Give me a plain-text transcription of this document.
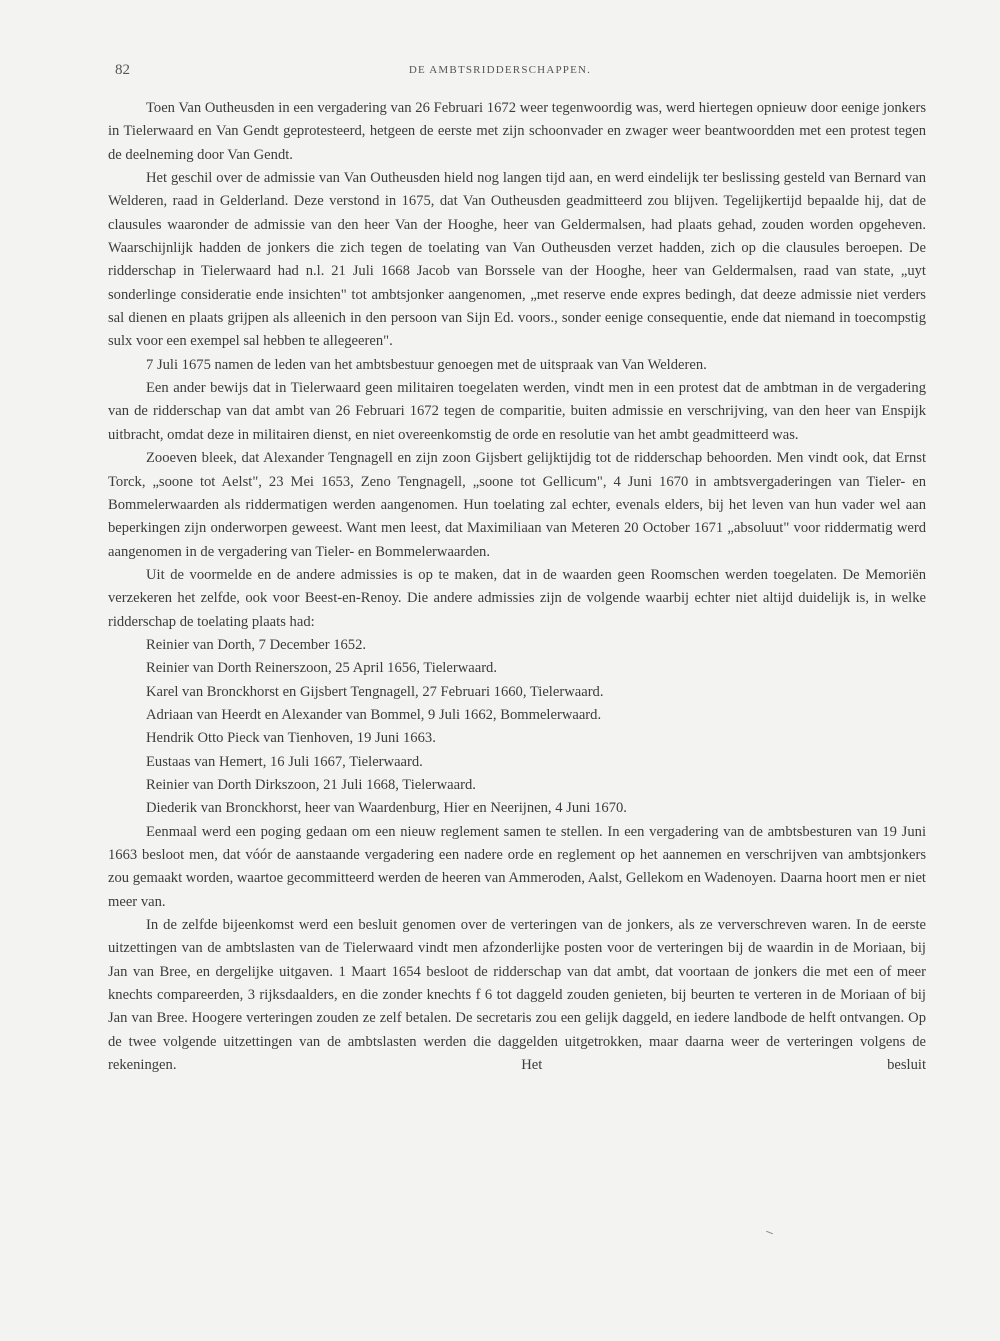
82	DE AMBTSRIDDERSCHAPPEN.

Toen Van Outheusden in een vergadering van 26 Februari 1672 weer tegenwoordig was, werd hiertegen opnieuw door eenige jonkers in Tielerwaard en Van Gendt geprotesteerd, hetgeen de eerste met zijn schoonvader en zwager weer beantwoordden met een protest tegen de deelneming door Van Gendt.

Het geschil over de admissie van Van Outheusden hield nog langen tijd aan, en werd eindelijk ter beslissing gesteld van Bernard van Welderen, raad in Gelderland. Deze verstond in 1675, dat Van Outheusden geadmitteerd zou blijven. Tegelijkertijd bepaalde hij, dat de clausules waaronder de admissie van den heer Van der Hooghe, heer van Geldermalsen, had plaats gehad, zouden worden opgeheven. Waarschijnlijk hadden de jonkers die zich tegen de toelating van Van Outheusden verzet hadden, zich op die clausules beroepen. De ridderschap in Tielerwaard had n.l. 21 Juli 1668 Jacob van Borssele van der Hooghe, heer van Geldermalsen, raad van state, „uyt sonderlinge consideratie ende insichten" tot ambtsjonker aangenomen, „met reserve ende expres bedingh, dat deeze admissie niet verders sal dienen en plaats grijpen als alleenich in den persoon van Sijn Ed. voors., sonder eenige consequentie, ende dat niemand in toecompstig sulx voor een exempel sal hebben te allegeeren".

7 Juli 1675 namen de leden van het ambtsbestuur genoegen met de uitspraak van Van Welderen.

Een ander bewijs dat in Tielerwaard geen militairen toegelaten werden, vindt men in een protest dat de ambtman in de vergadering van de ridderschap van dat ambt van 26 Februari 1672 tegen de comparitie, buiten admissie en verschrijving, van den heer van Enspijk uitbracht, omdat deze in militairen dienst, en niet overeenkomstig de orde en resolutie van het ambt geadmitteerd was.

Zooeven bleek, dat Alexander Tengnagell en zijn zoon Gijsbert gelijktijdig tot de ridderschap behoorden. Men vindt ook, dat Ernst Torck, „soone tot Aelst", 23 Mei 1653, Zeno Tengnagell, „soone tot Gellicum", 4 Juni 1670 in ambtsvergaderingen van Tieler- en Bommelerwaarden als riddermatigen werden aangenomen. Hun toelating zal echter, evenals elders, bij het leven van hun vader wel aan beperkingen zijn onderworpen geweest. Want men leest, dat Maximiliaan van Meteren 20 October 1671 „absoluut" voor riddermatig werd aangenomen in de vergadering van Tieler- en Bommelerwaarden.

Uit de voormelde en de andere admissies is op te maken, dat in de waarden geen Roomschen werden toegelaten. De Memoriën verzekeren het zelfde, ook voor Beest-en-Renoy. Die andere admissies zijn de volgende waarbij echter niet altijd duidelijk is, in welke ridderschap de toelating plaats had:

Reinier van Dorth, 7 December 1652.

Reinier van Dorth Reinerszoon, 25 April 1656, Tielerwaard.

Karel van Bronckhorst en Gijsbert Tengnagell, 27 Februari 1660, Tielerwaard.

Adriaan van Heerdt en Alexander van Bommel, 9 Juli 1662, Bommelerwaard.

Hendrik Otto Pieck van Tienhoven, 19 Juni 1663.

Eustaas van Hemert, 16 Juli 1667, Tielerwaard.

Reinier van Dorth Dirkszoon, 21 Juli 1668, Tielerwaard.

Diederik van Bronckhorst, heer van Waardenburg, Hier en Neerijnen, 4 Juni 1670.

Eenmaal werd een poging gedaan om een nieuw reglement samen te stellen. In een vergadering van de ambtsbesturen van 19 Juni 1663 besloot men, dat vóór de aanstaande vergadering een nadere orde en reglement op het aannemen en verschrijven van ambtsjonkers zou gemaakt worden, waartoe gecommitteerd werden de heeren van Ammeroden, Aalst, Gellekom en Wadenoyen. Daarna hoort men er niet meer van.

In de zelfde bijeenkomst werd een besluit genomen over de verteringen van de jonkers, als ze ververschreven waren. In de eerste uitzettingen van de ambtslasten van de Tielerwaard vindt men afzonderlijke posten voor de verteringen bij de waardin in de Moriaan, bij Jan van Bree, en dergelijke uitgaven. 1 Maart 1654 besloot de ridderschap van dat ambt, dat voortaan de jonkers die met een of meer knechts compareerden, 3 rijksdaalders, en die zonder knechts f 6 tot daggeld zouden genieten, bij beurten te verteren in de Moriaan of bij Jan van Bree. Hoogere verteringen zouden ze zelf betalen. De secretaris zou een gelijk daggeld, en iedere landbode de helft ontvangen. Op de twee volgende uitzettingen van de ambtslasten werden die daggelden uitgetrokken, maar daarna weer de verteringen volgens de rekeningen. Het besluit
